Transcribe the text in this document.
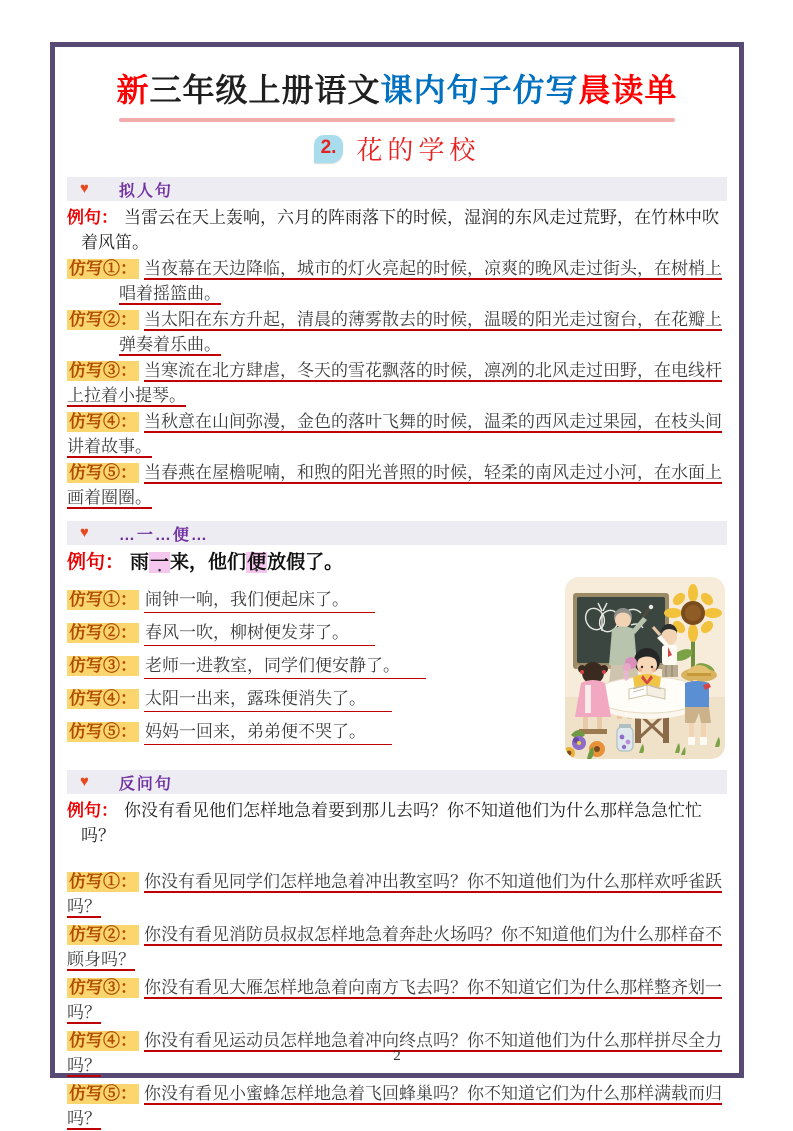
新三年级上册语文课内句子仿写晨读单
2. 花的学校
♥ 拟人句

例句： 当雷云在天上轰响，六月的阵雨落下的时候，湿润的东风走过荒野，在竹林中吹着风笛。

仿写①： 当夜幕在天边降临，城市的灯火亮起的时候，凉爽的晚风走过街头，在树梢上唱着摇篮曲。

仿写②： 当太阳在东方升起，清晨的薄雾散去的时候，温暖的阳光走过窗台，在花瓣上弹奏着乐曲。

仿写③： 当寒流在北方肆虐，冬天的雪花飘落的时候，凛冽的北风走过田野，在电线杆上拉着小提琴。

仿写④： 当秋意在山间弥漫，金色的落叶飞舞的时候，温柔的西风走过果园，在枝头间讲着故事。

仿写⑤： 当春燕在屋檐呢喃，和煦的阳光普照的时候，轻柔的南风走过小河，在水面上画着圈圈。

♥ …一…便…

例句： 雨一来，他们便放假了。

仿写①： 闹钟一响，我们便起床了。

仿写②： 春风一吹，柳树便发芽了。

仿写③： 老师一进教室，同学们便安静了。

仿写④： 太阳一出来，露珠便消失了。

仿写⑤： 妈妈一回来，弟弟便不哭了。

♥ 反问句

例句： 你没有看见他们怎样地急着要到那儿去吗？你不知道他们为什么那样急急忙忙吗？

仿写①： 你没有看见同学们怎样地急着冲出教室吗？你不知道他们为什么那样欢呼雀跃吗？

仿写②： 你没有看见消防员叔叔怎样地急着奔赴火场吗？你不知道他们为什么那样奋不顾身吗？

仿写③： 你没有看见大雁怎样地急着向南方飞去吗？你不知道它们为什么那样整齐划一吗？

仿写④： 你没有看见运动员怎样地急着冲向终点吗？你不知道他们为什么那样拼尽全力吗？

仿写⑤： 你没有看见小蜜蜂怎样地急着飞回蜂巢吗？你不知道它们为什么那样满载而归吗？

2
